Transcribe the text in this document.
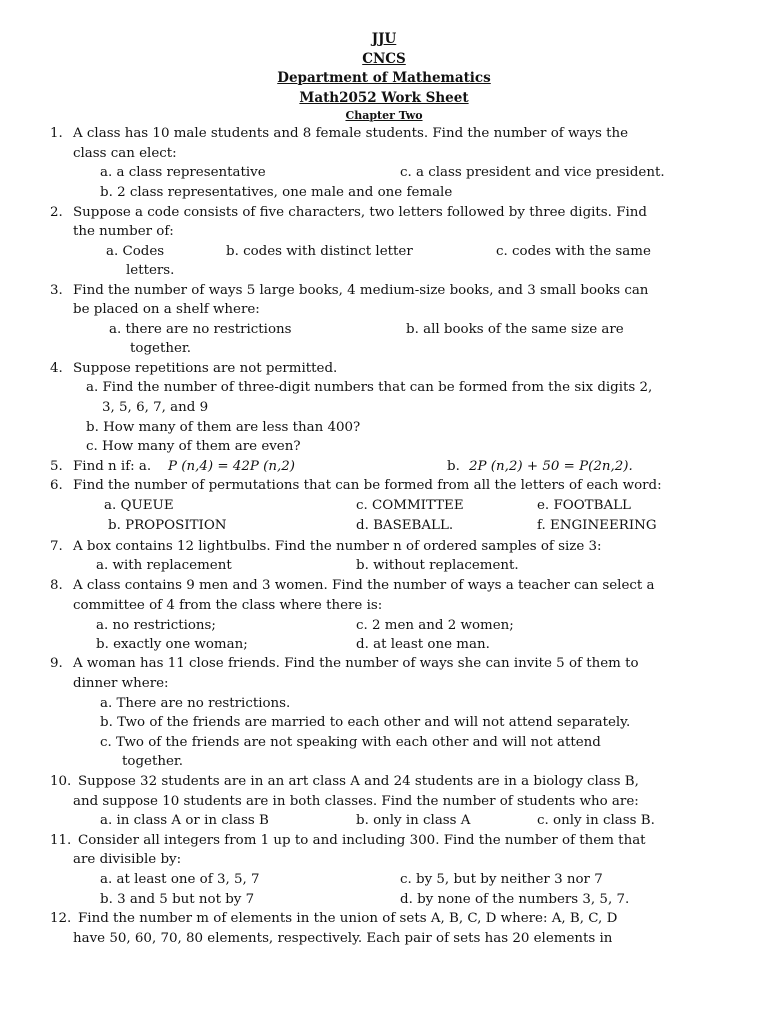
JJU
CNCS
Department of Mathematics
Math2052 Work Sheet
Chapter Two
1. A class has 10 male students and 8 female students. Find the number of ways the
class can elect:
a. a class representative	c. a class president and vice president.
b. 2 class representatives, one male and one female
2. Suppose a code consists of five characters, two letters followed by three digits. Find
the number of:
a. Codes	b. codes with distinct letter	c. codes with the same
letters.
3. Find the number of ways 5 large books, 4 medium-size books, and 3 small books can
be placed on a shelf where:
a. there are no restrictions	b. all books of the same size are
together.
4. Suppose repetitions are not permitted.
a. Find the number of three-digit numbers that can be formed from the six digits 2,
3, 5, 6, 7, and 9
b. How many of them are less than 400?
c. How many of them are even?
5. Find n if: a. P (n,4) = 42P (n,2)	b. 2P (n,2) + 50 = P(2n,2).
6. Find the number of permutations that can be formed from all the letters of each word:
a. QUEUE	c. COMMITTEE	e. FOOTBALL
b. PROPOSITION	d. BASEBALL.	f. ENGINEERING
7. A box contains 12 lightbulbs. Find the number n of ordered samples of size 3:
a. with replacement	b. without replacement.
8. A class contains 9 men and 3 women. Find the number of ways a teacher can select a
committee of 4 from the class where there is:
a. no restrictions;	c. 2 men and 2 women;
b. exactly one woman;	d. at least one man.
9. A woman has 11 close friends. Find the number of ways she can invite 5 of them to
dinner where:
a. There are no restrictions.
b. Two of the friends are married to each other and will not attend separately.
c. Two of the friends are not speaking with each other and will not attend
together.
10. Suppose 32 students are in an art class A and 24 students are in a biology class B,
and suppose 10 students are in both classes. Find the number of students who are:
a. in class A or in class B	b. only in class A	c. only in class B.
11. Consider all integers from 1 up to and including 300. Find the number of them that
are divisible by:
a. at least one of 3, 5, 7	c. by 5, but by neither 3 nor 7
b. 3 and 5 but not by 7	d. by none of the numbers 3, 5, 7.
12. Find the number m of elements in the union of sets A, B, C, D where: A, B, C, D
have 50, 60, 70, 80 elements, respectively. Each pair of sets has 20 elements in
